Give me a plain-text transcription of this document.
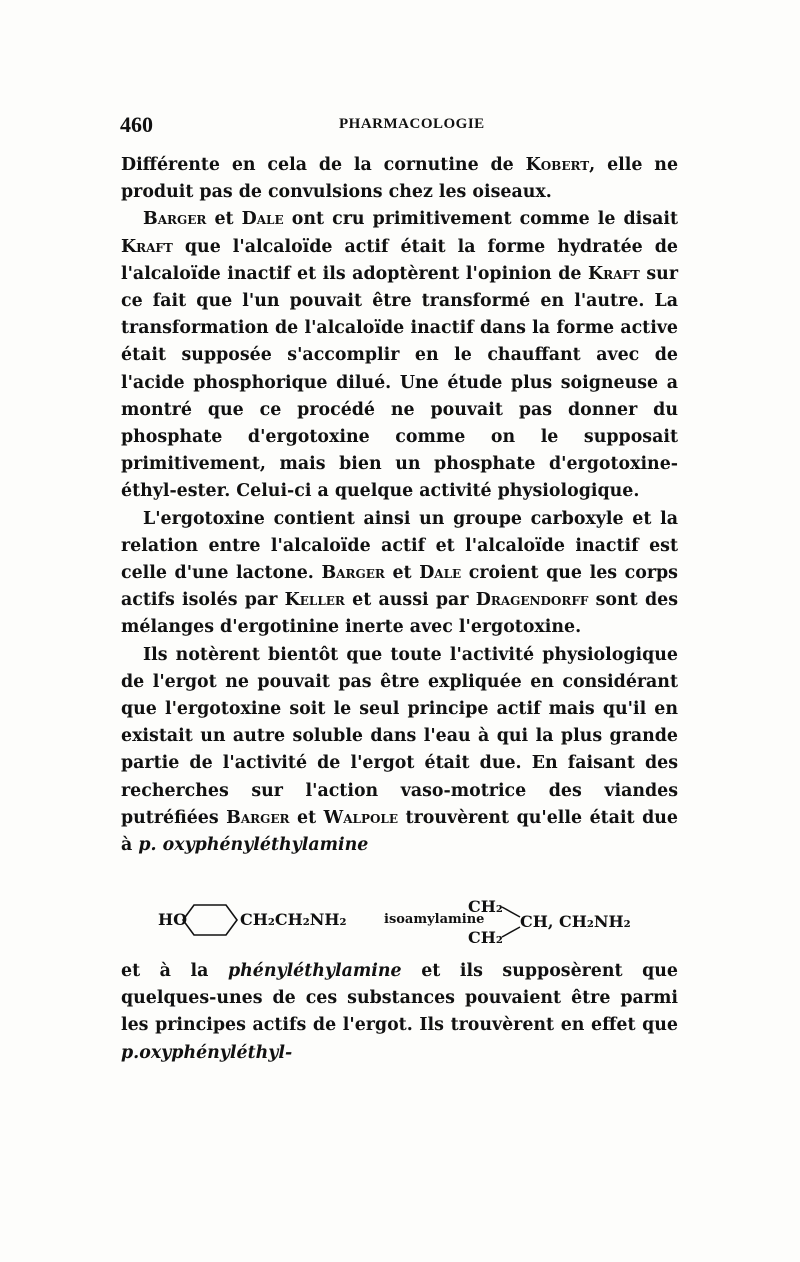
460	PHARMACOLOGIE

Différente en cela de la cornutine de Kobert, elle ne produit pas de convulsions chez les oiseaux.

Barger et Dale ont cru primitivement comme le disait Kraft que l'alcaloïde actif était la forme hydratée de l'alcaloïde inactif et ils adoptèrent l'opinion de Kraft sur ce fait que l'un pouvait être transformé en l'autre. La transformation de l'alcaloïde inactif dans la forme active était supposée s'accomplir en le chauffant avec de l'acide phosphorique dilué. Une étude plus soigneuse a montré que ce procédé ne pouvait pas donner du phosphate d'ergotoxine comme on le supposait primitivement, mais bien un phosphate d'ergotoxine-éthyl-ester. Celui-ci a quelque activité physiologique.

L'ergotoxine contient ainsi un groupe carboxyle et la relation entre l'alcaloïde actif et l'alcaloïde inactif est celle d'une lactone. Barger et Dale croient que les corps actifs isolés par Keller et aussi par Dragendorff sont des mélanges d'ergotinine inerte avec l'ergotoxine.

Ils notèrent bientôt que toute l'activité physiologique de l'ergot ne pouvait pas être expliquée en considérant que l'ergotoxine soit le seul principe actif mais qu'il en existait un autre soluble dans l'eau à qui la plus grande partie de l'activité de l'ergot était due. En faisant des recherches sur l'action vaso-motrice des viandes putréfiées Barger et Walpole trouvèrent qu'elle était due à p. oxyphényléthylamine

HO	CH₂CH₂NH₂	isoamylamine
CH₂
CH₂
CH, CH₂NH₂

et à la phényléthylamine et ils supposèrent que quelques-unes de ces substances pouvaient être parmi les principes actifs de l'ergot. Ils trouvèrent en effet que p.oxyphényléthyl-
